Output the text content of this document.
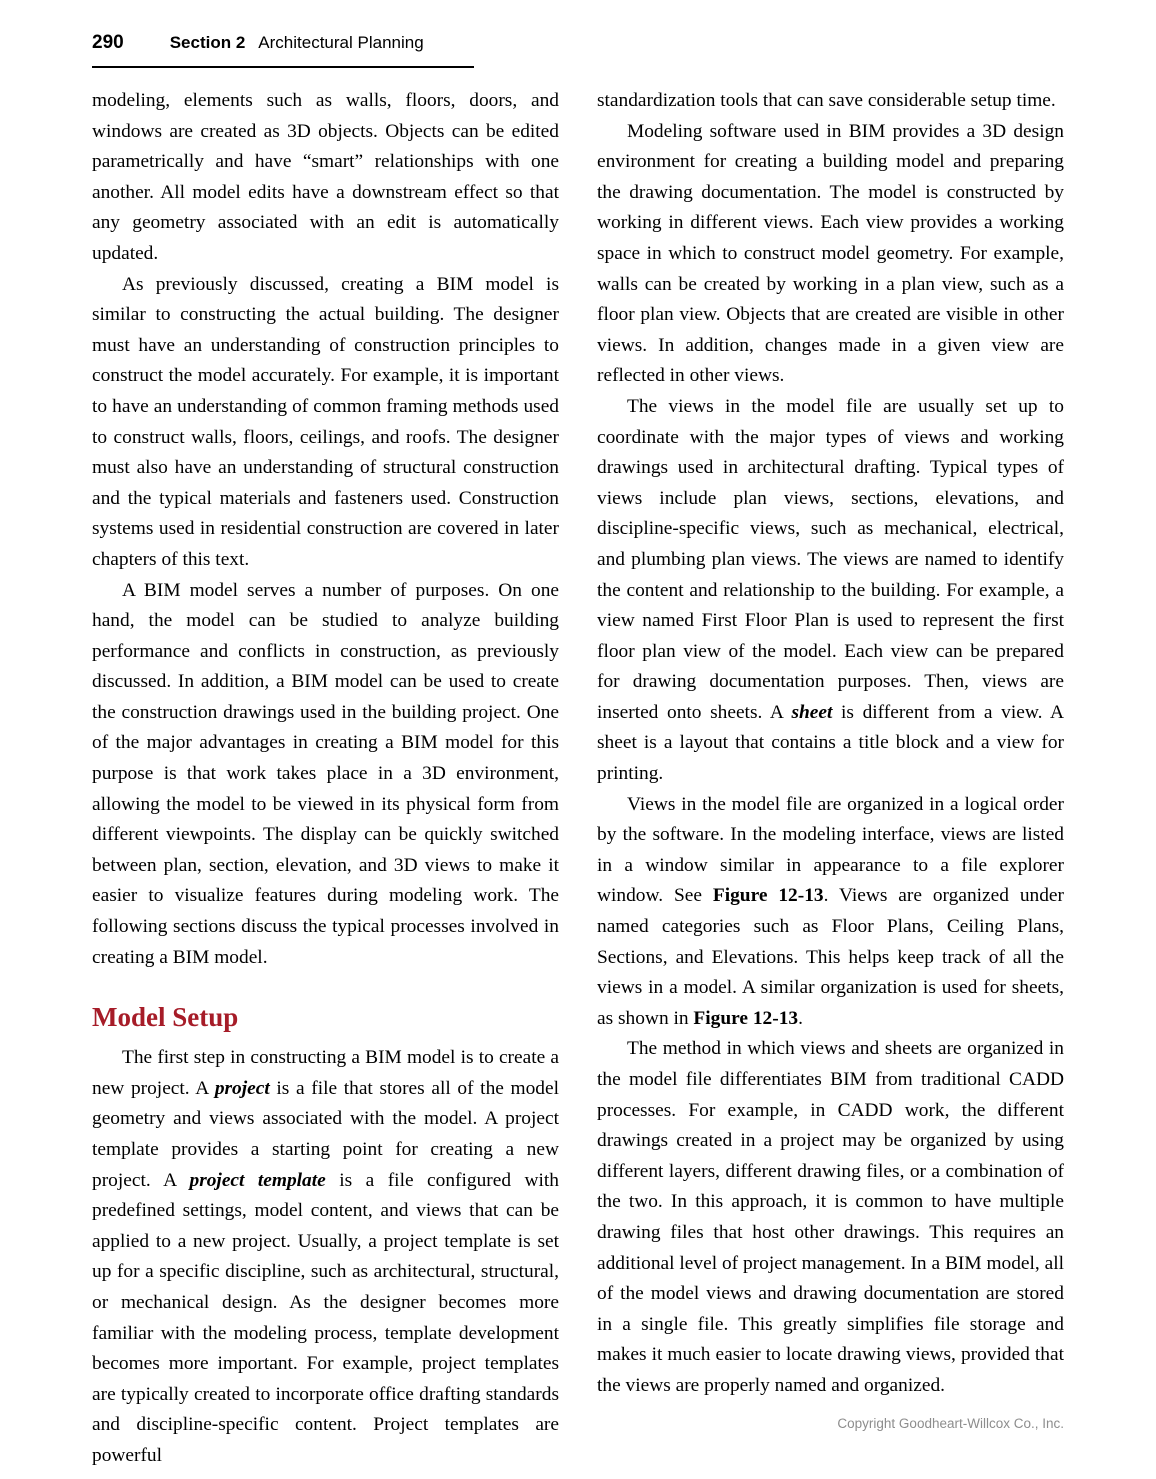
290	Section 2 Architectural Planning

modeling, elements such as walls, floors, doors, and windows are created as 3D objects. Objects can be edited parametrically and have “smart” relationships with one another. All model edits have a downstream effect so that any geometry associated with an edit is automatically updated.

As previously discussed, creating a BIM model is similar to constructing the actual building. The designer must have an understanding of construction principles to construct the model accurately. For example, it is important to have an understanding of common framing methods used to construct walls, floors, ceilings, and roofs. The designer must also have an understanding of structural construction and the typical materials and fasteners used. Construction systems used in residential construction are covered in later chapters of this text.

A BIM model serves a number of purposes. On one hand, the model can be studied to analyze building performance and conflicts in construction, as previously discussed. In addition, a BIM model can be used to create the construction drawings used in the building project. One of the major advantages in creating a BIM model for this purpose is that work takes place in a 3D environment, allowing the model to be viewed in its physical form from different viewpoints. The display can be quickly switched between plan, section, elevation, and 3D views to make it easier to visualize features during modeling work. The following sections discuss the typical processes involved in creating a BIM model.

Model Setup

The first step in constructing a BIM model is to create a new project. A project is a file that stores all of the model geometry and views associated with the model. A project template provides a starting point for creating a new project. A project template is a file configured with predefined settings, model content, and views that can be applied to a new project. Usually, a project template is set up for a specific discipline, such as architectural, structural, or mechanical design. As the designer becomes more familiar with the modeling process, template development becomes more important. For example, project templates are typically created to incorporate office drafting standards and discipline-specific content. Project templates are powerful

standardization tools that can save considerable setup time.

Modeling software used in BIM provides a 3D design environment for creating a building model and preparing the drawing documentation. The model is constructed by working in different views. Each view provides a working space in which to construct model geometry. For example, walls can be created by working in a plan view, such as a floor plan view. Objects that are created are visible in other views. In addition, changes made in a given view are reflected in other views.

The views in the model file are usually set up to coordinate with the major types of views and working drawings used in architectural drafting. Typical types of views include plan views, sections, elevations, and discipline-specific views, such as mechanical, electrical, and plumbing plan views. The views are named to identify the content and relationship to the building. For example, a view named First Floor Plan is used to represent the first floor plan view of the model. Each view can be prepared for drawing documentation purposes. Then, views are inserted onto sheets. A sheet is different from a view. A sheet is a layout that contains a title block and a view for printing.

Views in the model file are organized in a logical order by the software. In the modeling interface, views are listed in a window similar in appearance to a file explorer window. See Figure 12-13. Views are organized under named categories such as Floor Plans, Ceiling Plans, Sections, and Elevations. This helps keep track of all the views in a model. A similar organization is used for sheets, as shown in Figure 12-13.

The method in which views and sheets are organized in the model file differentiates BIM from traditional CADD processes. For example, in CADD work, the different drawings created in a project may be organized by using different layers, different drawing files, or a combination of the two. In this approach, it is common to have multiple drawing files that host other drawings. This requires an additional level of project management. In a BIM model, all of the model views and drawing documentation are stored in a single file. This greatly simplifies file storage and makes it much easier to locate drawing views, provided that the views are properly named and organized.

Copyright Goodheart-Willcox Co., Inc.
